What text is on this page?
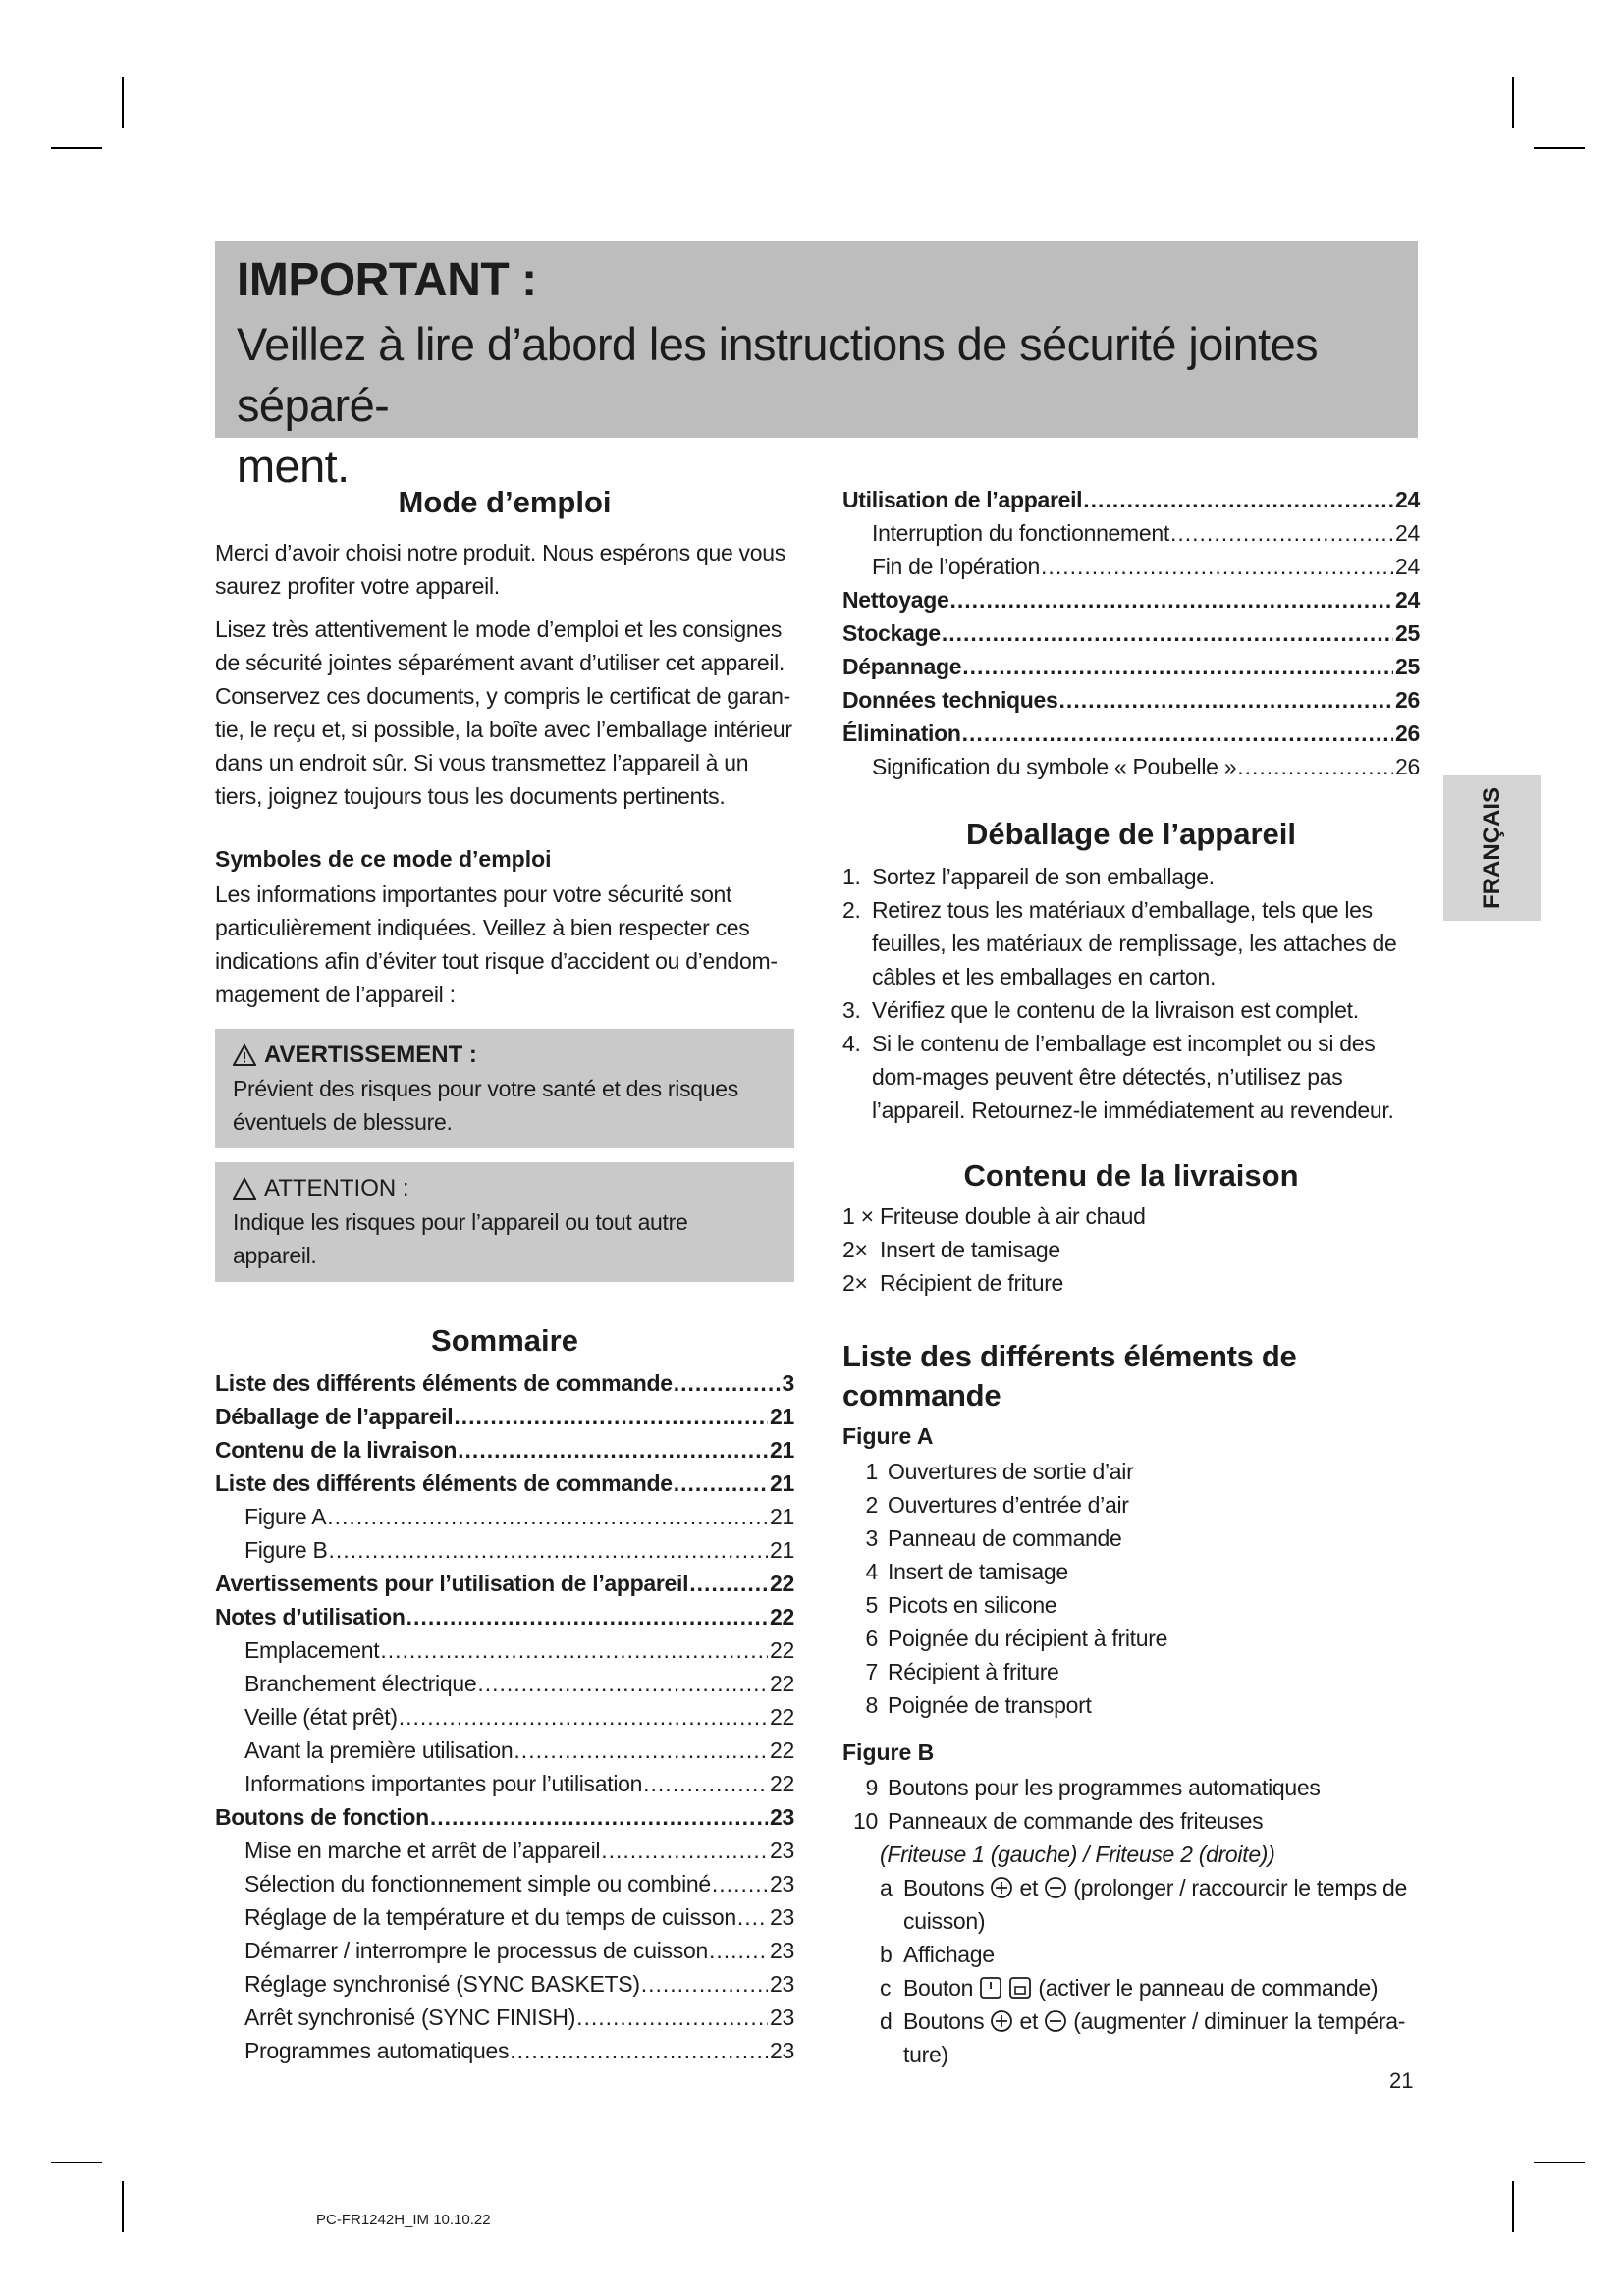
IMPORTANT :
Veillez à lire d’abord les instructions de sécurité jointes séparé-
ment.
Mode d’emploi

Merci d’avoir choisi notre produit. Nous espérons que vous saurez profiter votre appareil.

Lisez très attentivement le mode d’emploi et les consignes de sécurité jointes séparément avant d’utiliser cet appareil. Conservez ces documents, y compris le certificat de garan-tie, le reçu et, si possible, la boîte avec l’emballage intérieur dans un endroit sûr. Si vous transmettez l’appareil à un tiers, joignez toujours tous les documents pertinents.

Symboles de ce mode d’emploi

Les informations importantes pour votre sécurité sont particulièrement indiquées. Veillez à bien respecter ces indications afin d’éviter tout risque d’accident ou d’endom-magement de l’appareil :

AVERTISSEMENT :
Prévient des risques pour votre santé et des risques éventuels de blessure.
ATTENTION :
Indique les risques pour l’appareil ou tout autre appareil.
Sommaire
Liste des différents éléments de commande .....	3
Déballage de l’appareil .....	21
Contenu de la livraison .....	21
Liste des différents éléments de commande .....	21
Figure A .....	21
Figure B .....	21
Avertissements pour l’utilisation de l’appareil .....	22
Notes d’utilisation .....	22
Emplacement .....	22
Branchement électrique .....	22
Veille (état prêt) .....	22
Avant la première utilisation .....	22
Informations importantes pour l’utilisation .....	22
Boutons de fonction .....	23
Mise en marche et arrêt de l’appareil .....	23
Sélection du fonctionnement simple ou combiné .....	23
Réglage de la température et du temps de cuisson ..... 23
Démarrer / interrompre le processus de cuisson .....	23
Réglage synchronisé (SYNC BASKETS) .....	23
Arrêt synchronisé (SYNC FINISH) .....	23
Programmes automatiques .....	23
Utilisation de l’appareil .....	24
Interruption du fonctionnement .....	24
Fin de l’opération .....	24
Nettoyage .....	24
Stockage .....	25
Dépannage .....	25
Données techniques .....	26
Élimination .....	26
Signification du symbole « Poubelle » .....	26
Déballage de l’appareil
1. Sortez l’appareil de son emballage.
2. Retirez tous les matériaux d’emballage, tels que les feuilles, les matériaux de remplissage, les attaches de câbles et les emballages en carton.
3. Vérifiez que le contenu de la livraison est complet.
4. Si le contenu de l’emballage est incomplet ou si des dom-mages peuvent être détectés, n’utilisez pas l’appareil. Retournez-le immédiatement au revendeur.
Contenu de la livraison
1 × Friteuse double à air chaud
2× Insert de tamisage
2× Récipient de friture
Liste des différents éléments de commande

Figure A

1 Ouvertures de sortie d’air
2 Ouvertures d’entrée d’air
3 Panneau de commande
4 Insert de tamisage
5 Picots en silicone
6 Poignée du récipient à friture
7 Récipient à friture
8 Poignée de transport

Figure B

9 Boutons pour les programmes automatiques
10 Panneaux de commande des friteuses
(Friteuse 1 (gauche) / Friteuse 2 (droite))
a Boutons et (prolonger / raccourcir le temps de cuisson)
b Affichage
c Bouton	(activer le panneau de commande)
d Boutons et (augmenter / diminuer la tempéra-ture)
FRANÇAIS
21
PC-FR1242H_IM 10.10.22
